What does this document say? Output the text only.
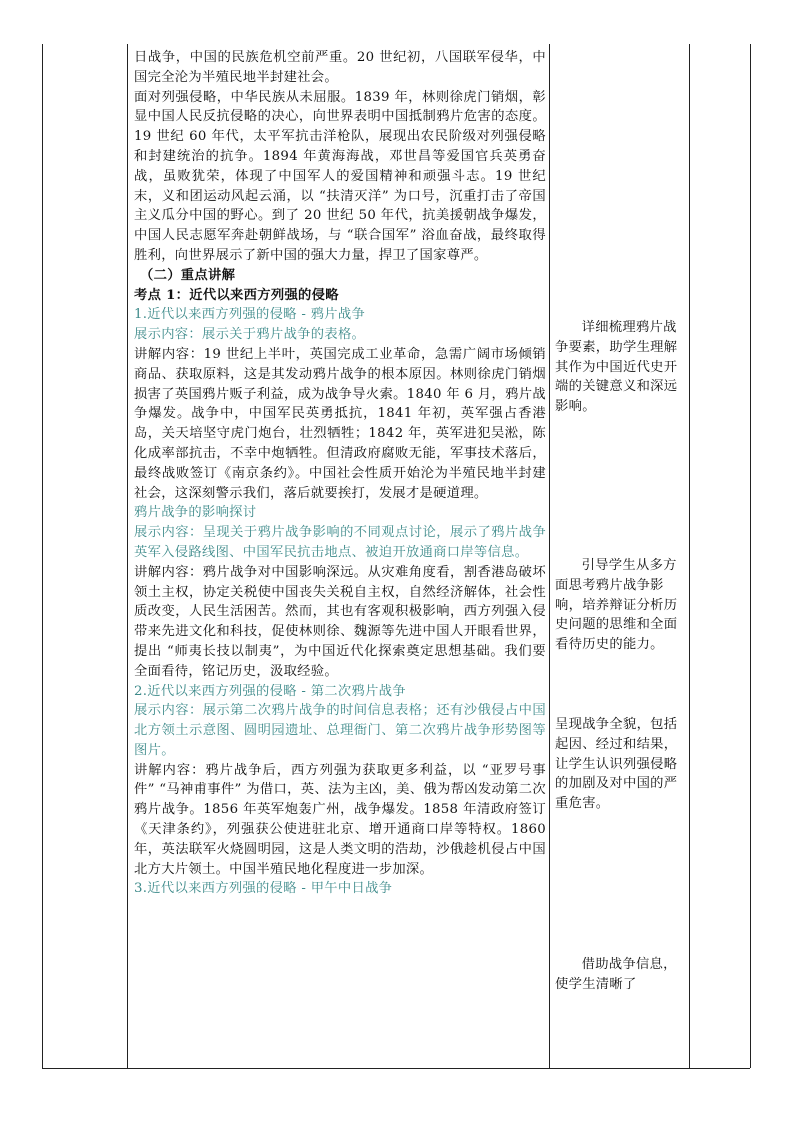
日战争，中国的民族危机空前严重。20 世纪初，八国联军侵华，中国完全沦为半殖民地半封建社会。

面对列强侵略，中华民族从未屈服。1839 年，林则徐虎门销烟，彰显中国人民反抗侵略的决心，向世界表明中国抵制鸦片危害的态度。19 世纪 60 年代，太平军抗击洋枪队，展现出农民阶级对列强侵略和封建统治的抗争。1894 年黄海海战，邓世昌等爱国官兵英勇奋战，虽败犹荣，体现了中国军人的爱国精神和顽强斗志。19 世纪末，义和团运动风起云涌，以 “扶清灭洋” 为口号，沉重打击了帝国主义瓜分中国的野心。到了 20 世纪 50 年代，抗美援朝战争爆发，中国人民志愿军奔赴朝鲜战场，与 “联合国军” 浴血奋战，最终取得胜利，向世界展示了新中国的强大力量，捍卫了国家尊严。

（二）重点讲解

考点 1：近代以来西方列强的侵略

1.近代以来西方列强的侵略 - 鸦片战争

展示内容：展示关于鸦片战争的表格。

讲解内容：19 世纪上半叶，英国完成工业革命，急需广阔市场倾销商品、获取原料，这是其发动鸦片战争的根本原因。林则徐虎门销烟损害了英国鸦片贩子利益，成为战争导火索。1840 年 6 月，鸦片战争爆发。战争中，中国军民英勇抵抗，1841 年初，英军强占香港岛，关天培坚守虎门炮台，壮烈牺牲；1842 年，英军进犯吴淞，陈化成率部抗击，不幸中炮牺牲。但清政府腐败无能，军事技术落后，最终战败签订《南京条约》。中国社会性质开始沦为半殖民地半封建社会，这深刻警示我们，落后就要挨打，发展才是硬道理。

鸦片战争的影响探讨

展示内容：呈现关于鸦片战争影响的不同观点讨论，展示了鸦片战争英军入侵路线图、中国军民抗击地点、被迫开放通商口岸等信息。

讲解内容：鸦片战争对中国影响深远。从灾难角度看，割香港岛破坏领土主权，协定关税使中国丧失关税自主权，自然经济解体，社会性质改变，人民生活困苦。然而，其也有客观积极影响，西方列强入侵带来先进文化和科技，促使林则徐、魏源等先进中国人开眼看世界，提出 “师夷长技以制夷”，为中国近代化探索奠定思想基础。我们要全面看待，铭记历史，汲取经验。

2.近代以来西方列强的侵略 - 第二次鸦片战争

展示内容：展示第二次鸦片战争的时间信息表格；还有沙俄侵占中国北方领土示意图、圆明园遗址、总理衙门、第二次鸦片战争形势图等图片。

讲解内容：鸦片战争后，西方列强为获取更多利益，以 “亚罗号事件” “马神甫事件” 为借口，英、法为主凶，美、俄为帮凶发动第二次鸦片战争。1856 年英军炮轰广州，战争爆发。1858 年清政府签订《天津条约》，列强获公使进驻北京、增开通商口岸等特权。1860 年，英法联军火烧圆明园，这是人类文明的浩劫，沙俄趁机侵占中国北方大片领土。中国半殖民地化程度进一步加深。

3.近代以来西方列强的侵略 - 甲午中日战争

详细梳理鸦片战争要素，助学生理解其作为中国近代史开端的关键意义和深远影响。

引导学生从多方面思考鸦片战争影响，培养辩证分析历史问题的思维和全面看待历史的能力。

呈现战争全貌，包括起因、经过和结果，让学生认识列强侵略的加剧及对中国的严重危害。

借助战争信息，使学生清晰了
